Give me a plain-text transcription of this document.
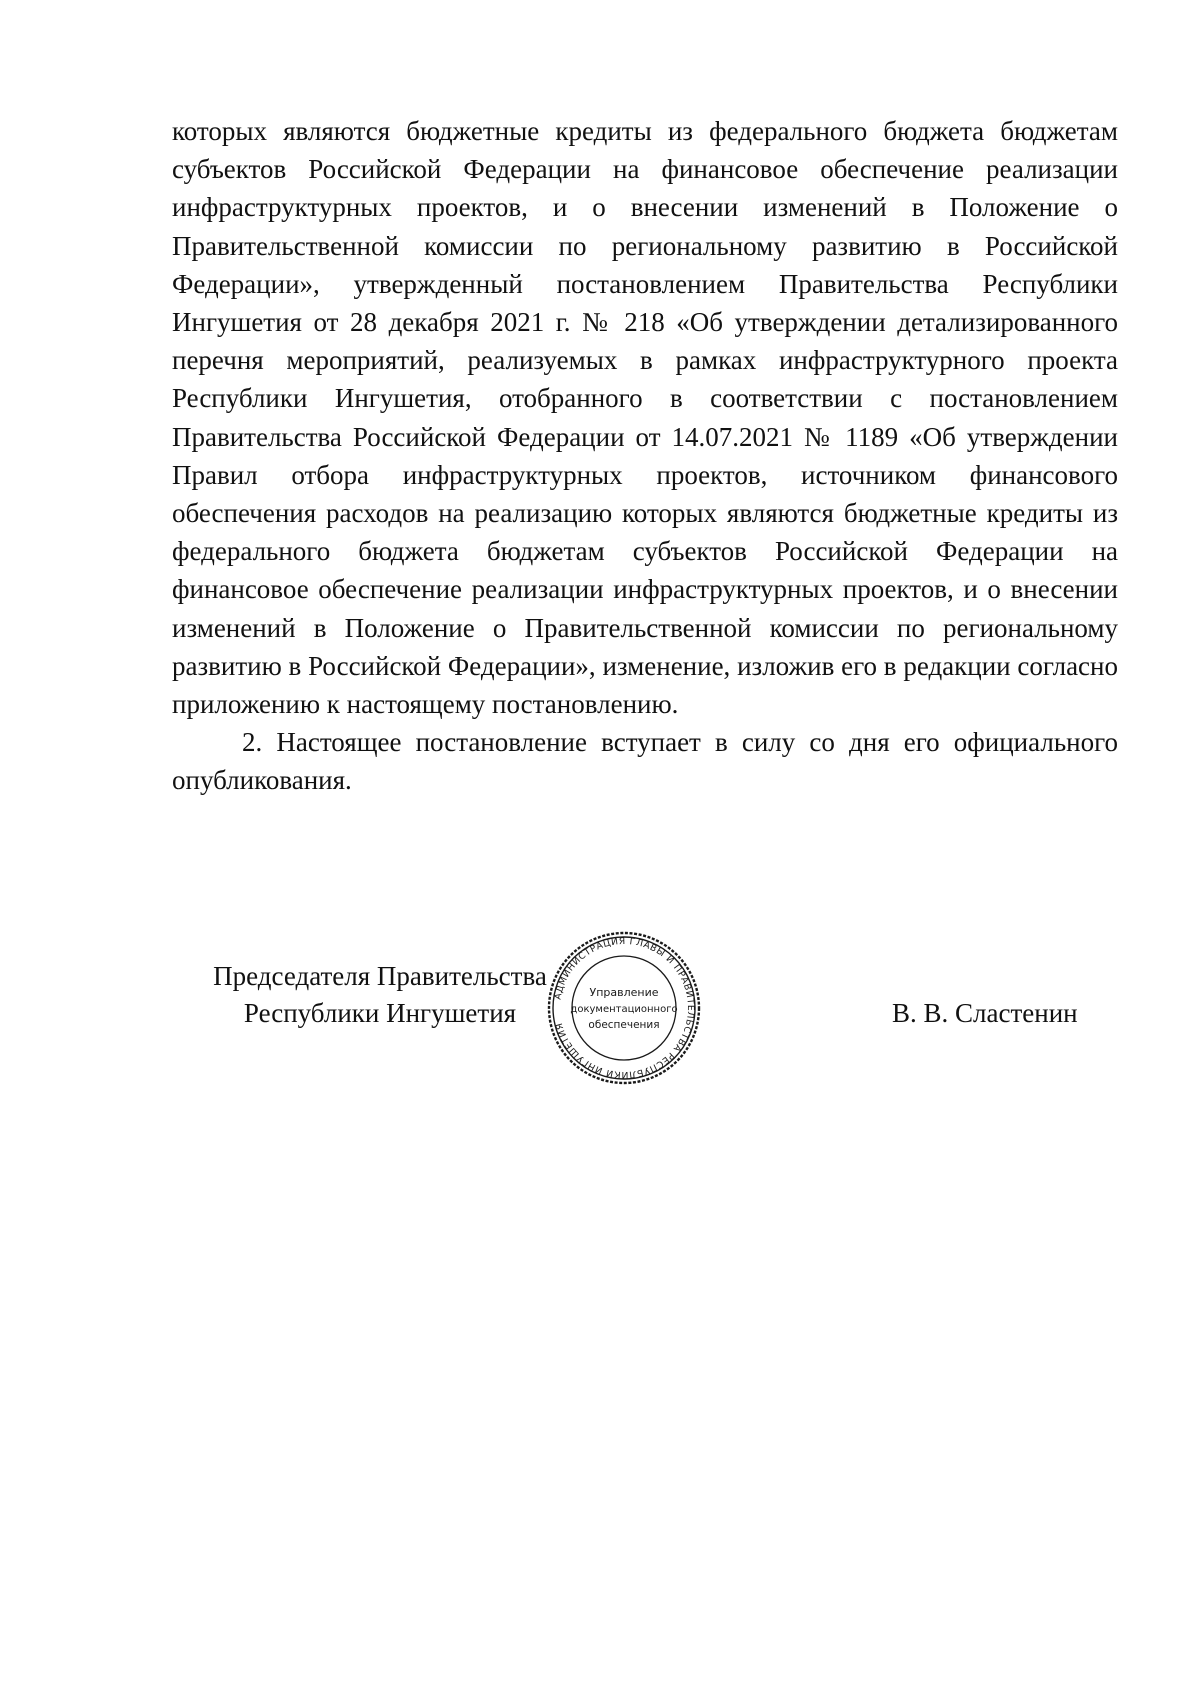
которых являются бюджетные кредиты из федерального бюджета бюджетам субъектов Российской Федерации на финансовое обеспечение реализации инфраструктурных проектов, и о внесении изменений в Положение о Правительственной комиссии по региональному развитию в Российской Федерации», утвержденный постановлением Правительства Республики Ингушетия от 28 декабря 2021 г. № 218 «Об утверждении детализированного перечня мероприятий, реализуемых в рамках инфраструктурного проекта Республики Ингушетия, отобранного в соответствии с постановлением Правительства Российской Федерации от 14.07.2021 № 1189 «Об утверждении Правил отбора инфраструктурных проектов, источником финансового обеспечения расходов на реализацию которых являются бюджетные кредиты из федерального бюджета бюджетам субъектов Российской Федерации на финансовое обеспечение реализации инфраструктурных проектов, и о внесении изменений в Положение о Правительственной комиссии по региональному развитию в Российской Федерации», изменение, изложив его в редакции согласно приложению к настоящему постановлению.

2. Настоящее постановление вступает в силу со дня его официального опубликования.

Председателя Правительства
Республики Ингушетия
АДМИНИСТРАЦИЯ ГЛАВЫ И ПРАВИТЕЛЬСТВА РЕСПУБЛИКИ ИНГУШЕТИЯ
Управление
документационного
обеспечения	В. В. Сластенин
